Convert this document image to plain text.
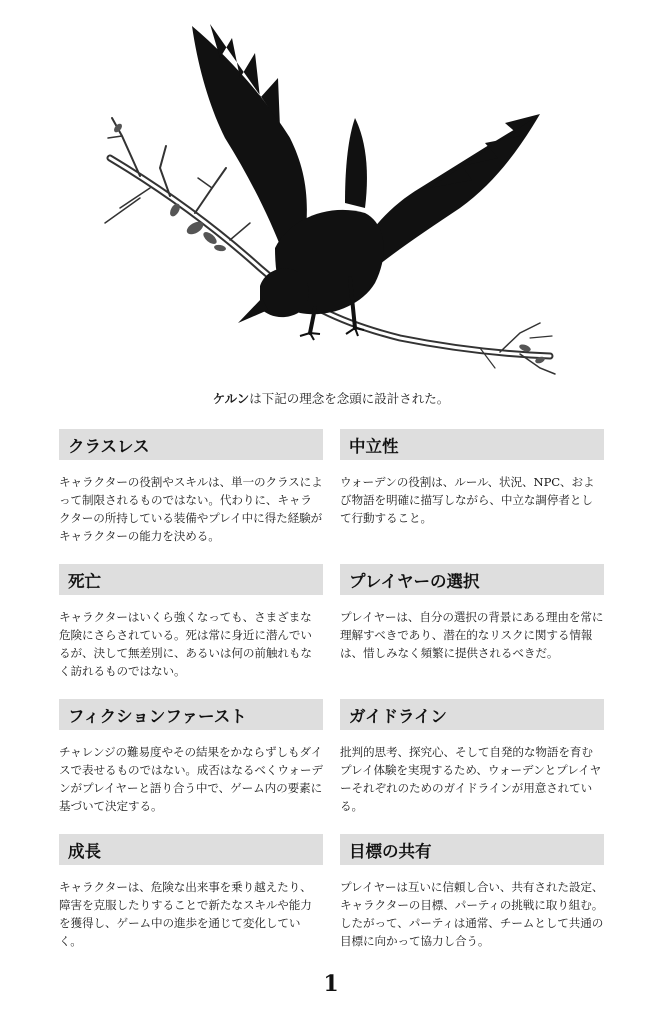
ケルンは下記の理念を念頭に設計された。
クラスレス
キャラクターの役割やスキルは、単一のクラスによって制限されるものではない。代わりに、キャラクターの所持している装備やプレイ中に得た経験がキャラクターの能力を決める。
中立性
ウォーデンの役割は、ルール、状況、NPC、および物語を明確に描写しながら、中立な調停者として行動すること。
死亡
キャラクターはいくら強くなっても、さまざまな危険にさらされている。死は常に身近に潜んでいるが、決して無差別に、あるいは何の前触れもなく訪れるものではない。
プレイヤーの選択
プレイヤーは、自分の選択の背景にある理由を常に理解すべきであり、潜在的なリスクに関する情報は、惜しみなく頻繁に提供されるべきだ。
フィクションファースト
チャレンジの難易度やその結果をかならずしもダイスで表せるものではない。成否はなるべくウォーデンがプレイヤーと語り合う中で、ゲーム内の要素に基づいて決定する。
ガイドライン
批判的思考、探究心、そして自発的な物語を育むプレイ体験を実現するため、ウォーデンとプレイヤーそれぞれのためのガイドラインが用意されている。
成長
キャラクターは、危険な出来事を乗り越えたり、障害を克服したりすることで新たなスキルや能力を獲得し、ゲーム中の進歩を通じて変化していく。
目標の共有
プレイヤーは互いに信頼し合い、共有された設定、キャラクターの目標、パーティの挑戦に取り組む。したがって、パーティは通常、チームとして共通の目標に向かって協力し合う。
1
